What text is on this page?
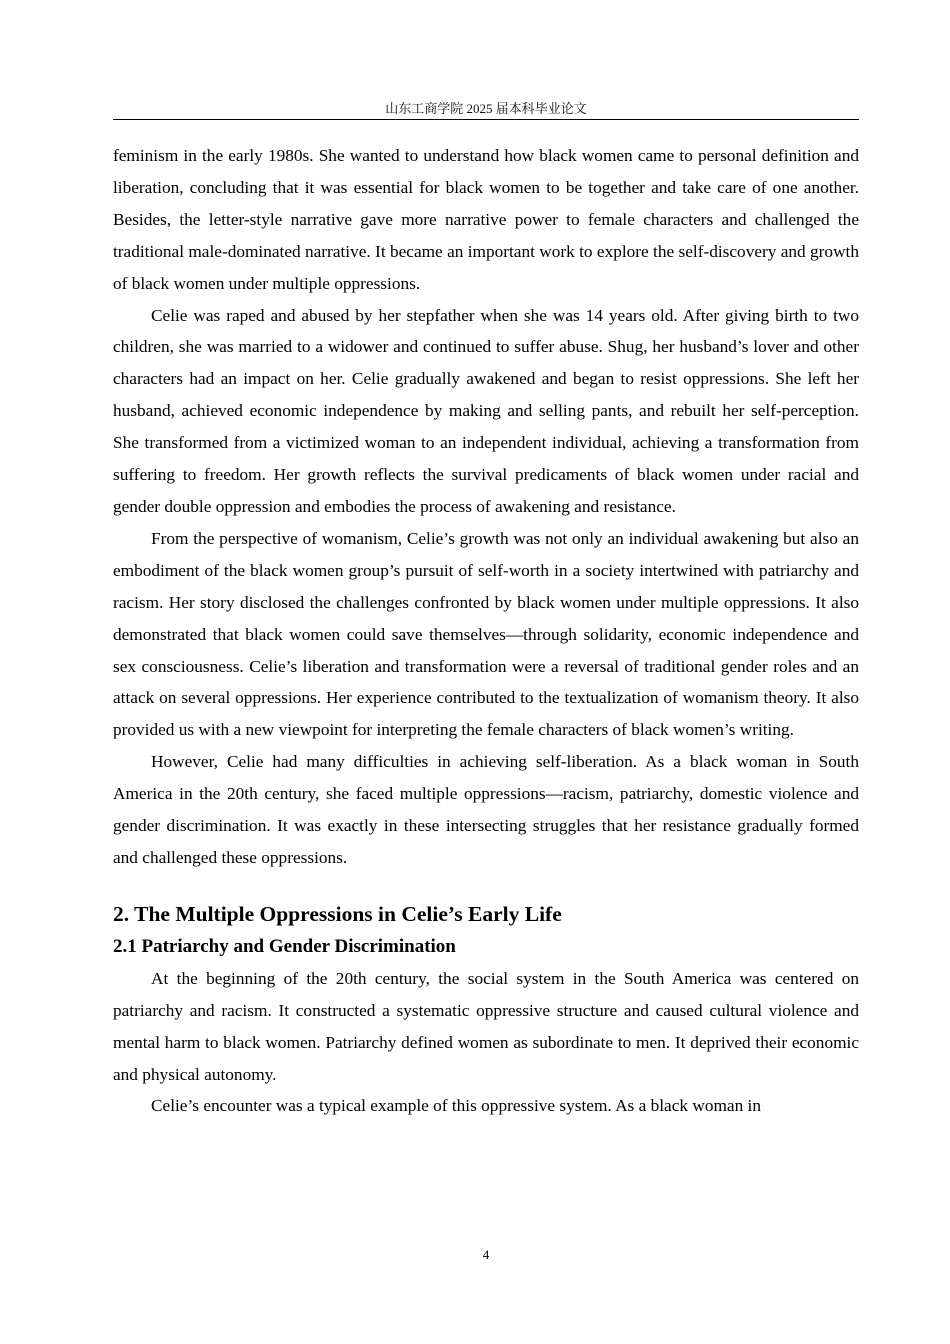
山东工商学院 2025 届本科毕业论文

feminism in the early 1980s. She wanted to understand how black women came to personal definition and liberation, concluding that it was essential for black women to be together and take care of one another. Besides, the letter-style narrative gave more narrative power to female characters and challenged the traditional male-dominated narrative. It became an important work to explore the self-discovery and growth of black women under multiple oppressions.

Celie was raped and abused by her stepfather when she was 14 years old. After giving birth to two children, she was married to a widower and continued to suffer abuse. Shug, her husband’s lover and other characters had an impact on her. Celie gradually awakened and began to resist oppressions. She left her husband, achieved economic independence by making and selling pants, and rebuilt her self-perception. She transformed from a victimized woman to an independent individual, achieving a transformation from suffering to freedom. Her growth reflects the survival predicaments of black women under racial and gender double oppression and embodies the process of awakening and resistance.

From the perspective of womanism, Celie’s growth was not only an individual awakening but also an embodiment of the black women group’s pursuit of self-worth in a society intertwined with patriarchy and racism. Her story disclosed the challenges confronted by black women under multiple oppressions. It also demonstrated that black women could save themselves—through solidarity, economic independence and sex consciousness. Celie’s liberation and transformation were a reversal of traditional gender roles and an attack on several oppressions. Her experience contributed to the textualization of womanism theory. It also provided us with a new viewpoint for interpreting the female characters of black women’s writing.

However, Celie had many difficulties in achieving self-liberation. As a black woman in South America in the 20th century, she faced multiple oppressions—racism, patriarchy, domestic violence and gender discrimination. It was exactly in these intersecting struggles that her resistance gradually formed and challenged these oppressions.

2. The Multiple Oppressions in Celie’s Early Life
2.1 Patriarchy and Gender Discrimination

At the beginning of the 20th century, the social system in the South America was centered on patriarchy and racism. It constructed a systematic oppressive structure and caused cultural violence and mental harm to black women. Patriarchy defined women as subordinate to men. It deprived their economic and physical autonomy.

Celie’s encounter was a typical example of this oppressive system. As a black woman in

4
